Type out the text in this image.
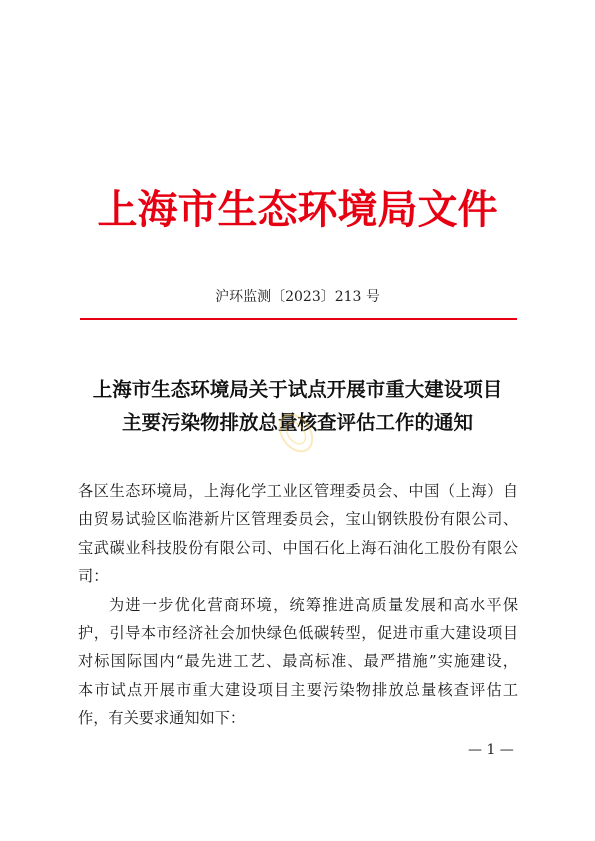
上海市生态环境局文件
沪环监测〔2023〕213 号
上海市生态环境局关于试点开展市重大建设项目
主要污染物排放总量核查评估工作的通知

各区生态环境局，上海化学工业区管理委员会、中国（上海）自

由贸易试验区临港新片区管理委员会，宝山钢铁股份有限公司、

宝武碳业科技股份有限公司、中国石化上海石油化工股份有限公

司：

为进一步优化营商环境，统筹推进高质量发展和高水平保

护，引导本市经济社会加快绿色低碳转型，促进市重大建设项目

对标国际国内“最先进工艺、最高标准、最严措施”实施建设，

本市试点开展市重大建设项目主要污染物排放总量核查评估工

作，有关要求通知如下：

— 1 —
